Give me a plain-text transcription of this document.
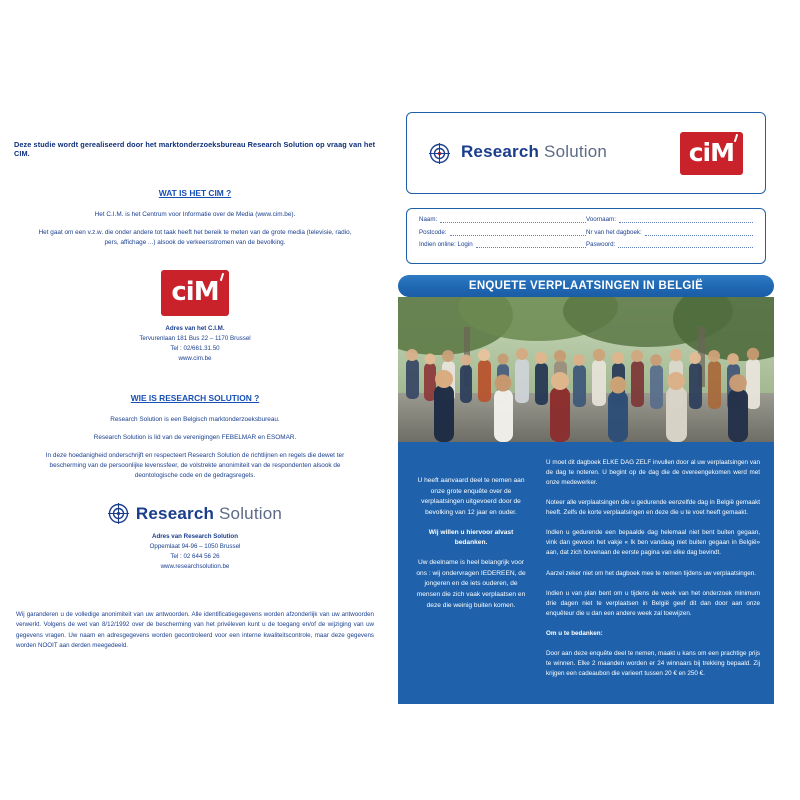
Deze studie wordt gerealiseerd door het marktonderzoeksbureau Research Solution op vraag van het CIM.
WAT IS HET CIM ?
Het C.I.M. is het Centrum voor Informatie over de Media (www.cim.be).
Het gaat om een v.z.w. die onder andere tot taak heeft het bereik te meten van de grote media (televisie, radio, pers, affichage ...) alsook de verkeersstromen van de bevolking.
ciM
Adres van het C.I.M.
Tervurenlaan 181 Bus 22 – 1170 Brussel
Tel : 02/661.31.50
www.cim.be
WIE IS RESEARCH SOLUTION ?
Research Solution is een Belgisch marktonderzoeksbureau.
Research Solution is lid van de verenigingen FEBELMAR en ESOMAR.
In deze hoedanigheid onderschrijft en respecteert Research Solution de richtlijnen en regels die dewet ter bescherming van de persoonlijke levenssfeer, de volstrekte anonimiteit van de respondenten alsook de deontologische code en de gedragsregels.
Research Solution
Adres van Research Solution
Oppemlaat 94-96 – 1050 Brussel
Tel : 02 644 56 26
www.researchsolution.be
Wij garanderen u de volledige anonimiteit van uw antwoorden. Alle identificatiegegevens worden afzonderlijk van uw antwoorden verwerkt. Volgens de wet van 8/12/1992 over de bescherming van het privéleven kunt u de toegang en/of de wijziging van uw gegevens vragen. Uw naam en adresgegevens worden gecontroleerd voor een interne kwaliteitscontrole, maar deze gegevens worden NOOIT aan derden meegedeeld.
Research Solution	ciM
Naam:	Voornaam:
Postcode:	Nr van het dagboek:
Indien online: Login	Paswoord:
ENQUETE VERPLAATSINGEN IN BELGIË

U heeft aanvaard deel te nemen aan onze grote enquête over de verplaatsingen uitgevoerd door de bevolking van 12 jaar en ouder.

Wij willen u hiervoor alvast bedanken.

Uw deelname is heel belangrijk voor ons : wij ondervragen IEDEREEN, de jongeren en de iets ouderen, de mensen die zich vaak verplaatsen en deze die weinig buiten komen.

U moet dit dagboek ELKE DAG ZELF invullen door al uw verplaatsingen van de dag te noteren. U begint op de dag die de overeengekomen werd met onze medewerker.

Noteer alle verplaatsingen die u gedurende eenzelfde dag in België gemaakt heeft. Zelfs de korte verplaatsingen en deze die u te voet heeft gemaakt.

Indien u gedurende een bepaalde dag helemaal niet bent buiten gegaan, vink dan gewoon het vakje « Ik ben vandaag niet buiten gegaan in België» aan, dat zich bovenaan de eerste pagina van elke dag bevindt.

Aarzel zeker niet om het dagboek mee te nemen tijdens uw verplaatsingen.

Indien u van plan bent om u tijdens de week van het onderzoek minimum drie dagen niet te verplaatsen in België geef dit dan door aan onze enquêteur die u dan een andere week zal toewijzen.

Om u te bedanken:

Door aan deze enquête deel te nemen, maakt u kans om een prachtige prijs te winnen. Elke 2 maanden worden er 24 winnaars bij trekking bepaald. Zij krijgen een cadeaubon die varieert tussen 20 € en 250 €.
